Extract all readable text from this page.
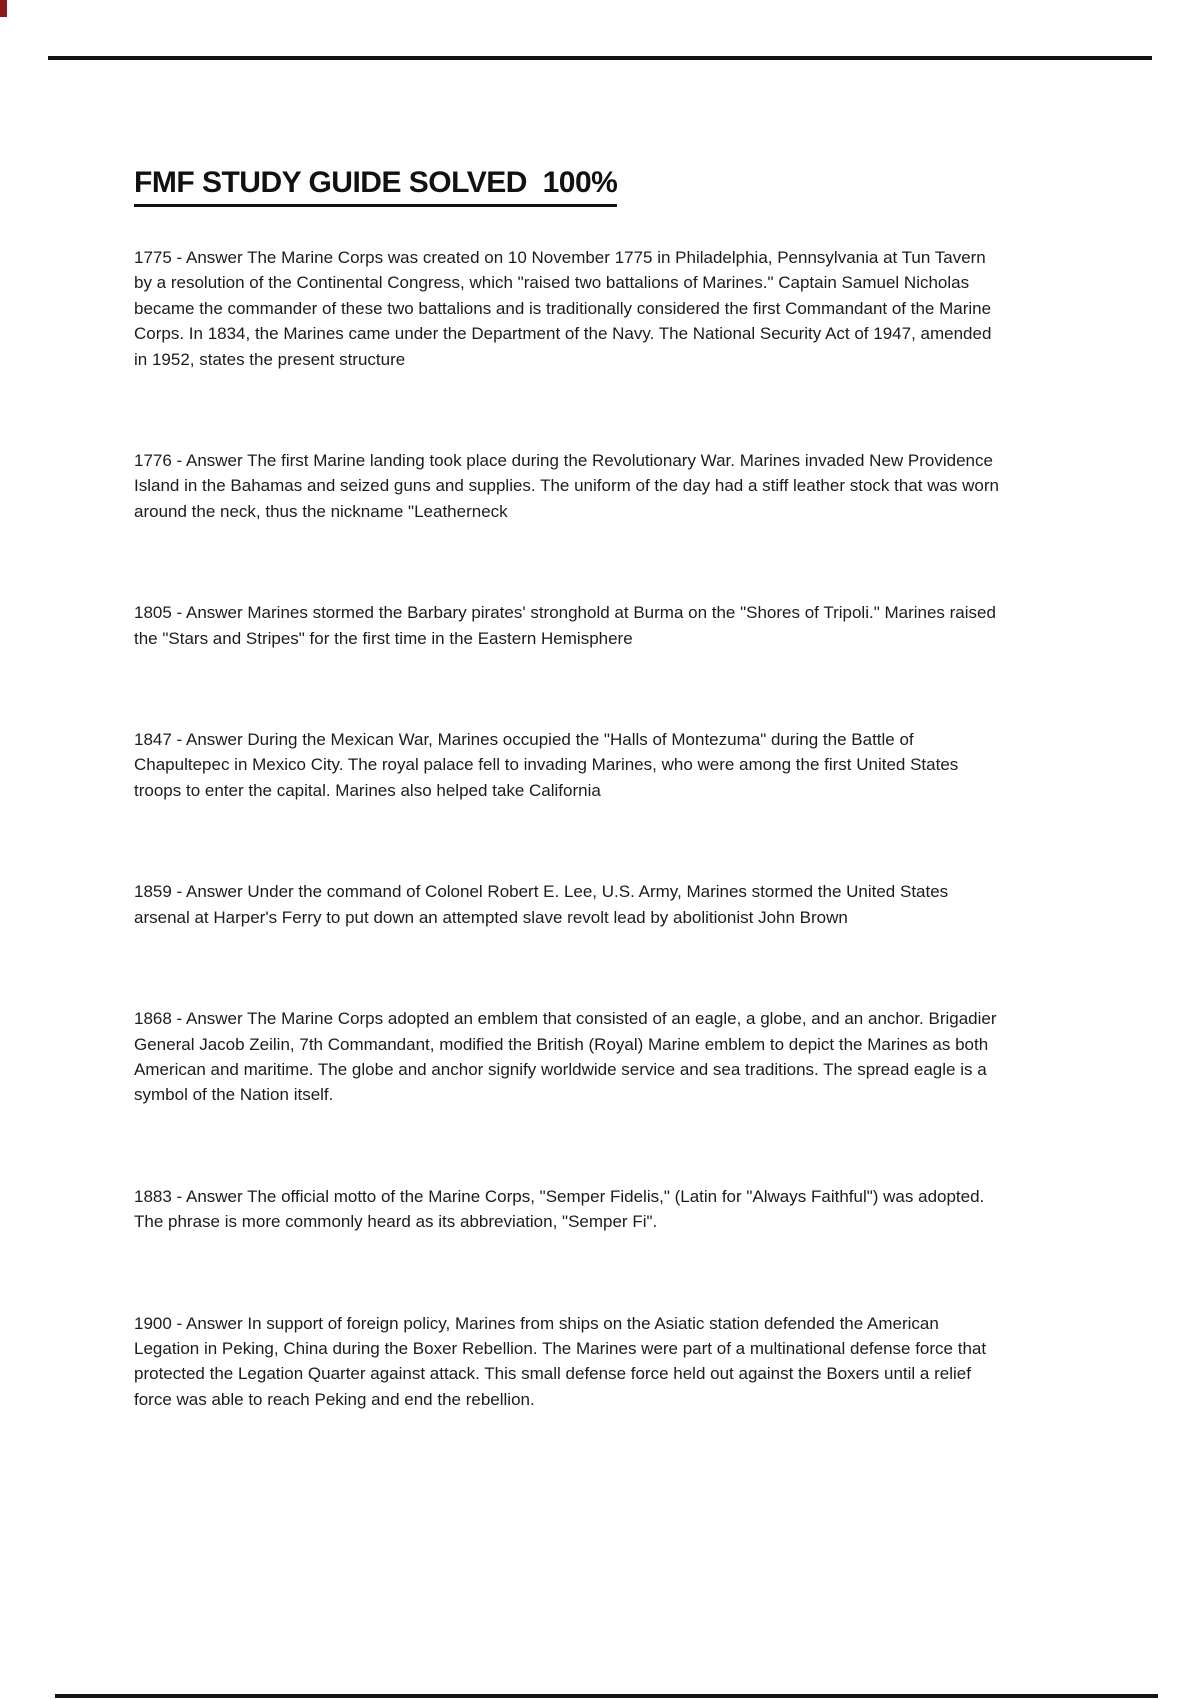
FMF STUDY GUIDE SOLVED  100%

1775 - Answer The Marine Corps was created on 10 November 1775 in Philadelphia, Pennsylvania at Tun Tavern by a resolution of the Continental Congress, which "raised two battalions of Marines." Captain Samuel Nicholas became the commander of these two battalions and is traditionally considered the first Commandant of the Marine Corps. In 1834, the Marines came under the Department of the Navy. The National Security Act of 1947, amended in 1952, states the present structure

1776 - Answer The first Marine landing took place during the Revolutionary War. Marines invaded New Providence Island in the Bahamas and seized guns and supplies. The uniform of the day had a stiff leather stock that was worn around the neck, thus the nickname "Leatherneck

1805 - Answer Marines stormed the Barbary pirates' stronghold at Burma on the "Shores of Tripoli." Marines raised the "Stars and Stripes" for the first time in the Eastern Hemisphere

1847 - Answer During the Mexican War, Marines occupied the "Halls of Montezuma" during the Battle of Chapultepec in Mexico City. The royal palace fell to invading Marines, who were among the first United States troops to enter the capital. Marines also helped take California

1859 - Answer Under the command of Colonel Robert E. Lee, U.S. Army, Marines stormed the United States arsenal at Harper's Ferry to put down an attempted slave revolt lead by abolitionist John Brown

1868 - Answer The Marine Corps adopted an emblem that consisted of an eagle, a globe, and an anchor. Brigadier General Jacob Zeilin, 7th Commandant, modified the British (Royal) Marine emblem to depict the Marines as both American and maritime. The globe and anchor signify worldwide service and sea traditions. The spread eagle is a symbol of the Nation itself.

1883 - Answer The official motto of the Marine Corps, "Semper Fidelis," (Latin for "Always Faithful") was adopted. The phrase is more commonly heard as its abbreviation, "Semper Fi".

1900 - Answer In support of foreign policy, Marines from ships on the Asiatic station defended the American Legation in Peking, China during the Boxer Rebellion. The Marines were part of a multinational defense force that protected the Legation Quarter against attack. This small defense force held out against the Boxers until a relief force was able to reach Peking and end the rebellion.
